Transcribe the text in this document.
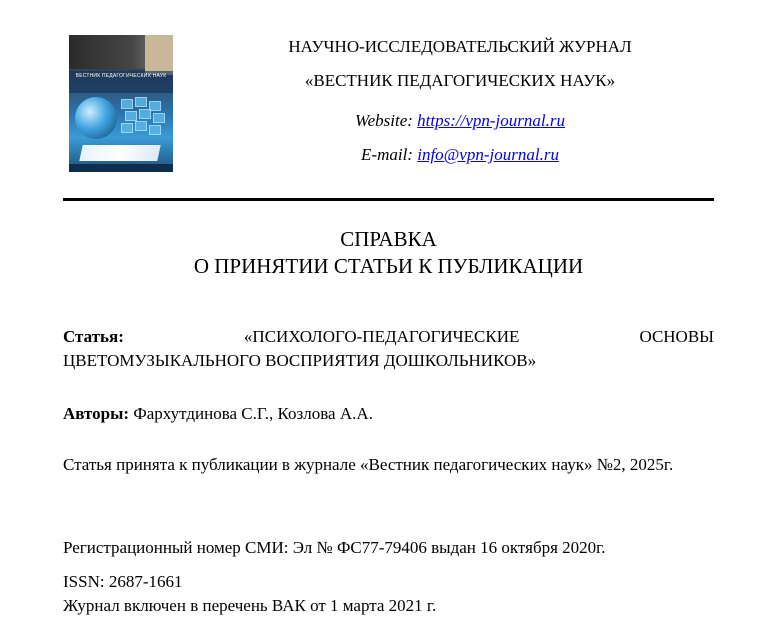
ВЕСТНИК ПЕДАГОГИЧЕСКИХ НАУК
НАУЧНО-ИССЛЕДОВАТЕЛЬСКИЙ ЖУРНАЛ
«ВЕСТНИК ПЕДАГОГИЧЕСКИХ НАУК»
Website: https://vpn-journal.ru
E-mail: info@vpn-journal.ru
СПРАВКА
О ПРИНЯТИИ СТАТЬИ К ПУБЛИКАЦИИ
Статья:	«ПСИХОЛОГО-ПЕДАГОГИЧЕСКИЕ	ОСНОВЫ
ЦВЕТОМУЗЫКАЛЬНОГО ВОСПРИЯТИЯ ДОШКОЛЬНИКОВ»
Авторы: Фархутдинова С.Г., Козлова А.А.
Статья принята к публикации в журнале «Вестник педагогических наук» №2, 2025г.
Регистрационный номер СМИ: Эл № ФС77-79406 выдан 16 октября 2020г.
ISSN: 2687-1661
Журнал включен в перечень ВАК от 1 марта 2021 г.
